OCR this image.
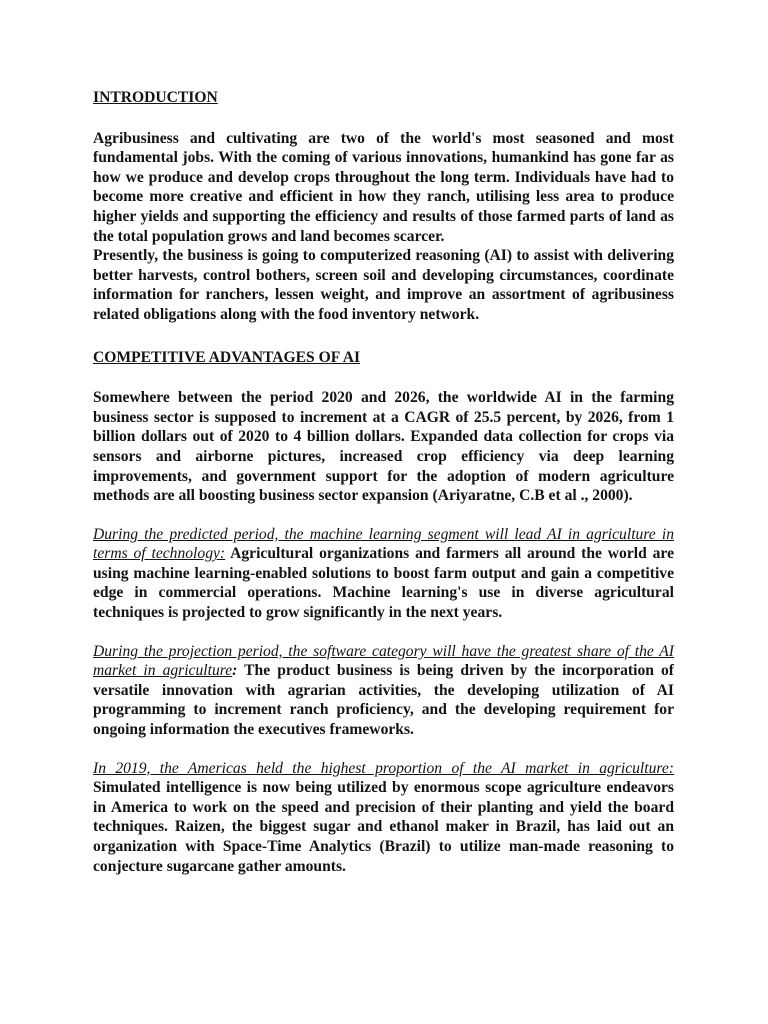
INTRODUCTION

Agribusiness and cultivating are two of the world's most seasoned and most fundamental jobs. With the coming of various innovations, humankind has gone far as how we produce and develop crops throughout the long term. Individuals have had to become more creative and efficient in how they ranch, utilising less area to produce higher yields and supporting the efficiency and results of those farmed parts of land as the total population grows and land becomes scarcer.

Presently, the business is going to computerized reasoning (AI) to assist with delivering better harvests, control bothers, screen soil and developing circumstances, coordinate information for ranchers, lessen weight, and improve an assortment of agribusiness related obligations along with the food inventory network.

COMPETITIVE ADVANTAGES OF AI

Somewhere between the period 2020 and 2026, the worldwide AI in the farming business sector is supposed to increment at a CAGR of 25.5 percent, by 2026, from 1 billion dollars out of 2020 to 4 billion dollars. Expanded data collection for crops via sensors and airborne pictures, increased crop efficiency via deep learning improvements, and government support for the adoption of modern agriculture methods are all boosting business sector expansion (Ariyaratne, C.B et al ., 2000).

During the predicted period, the machine learning segment will lead AI in agriculture in terms of technology: Agricultural organizations and farmers all around the world are using machine learning-enabled solutions to boost farm output and gain a competitive edge in commercial operations. Machine learning's use in diverse agricultural techniques is projected to grow significantly in the next years.

During the projection period, the software category will have the greatest share of the AI market in agriculture: The product business is being driven by the incorporation of versatile innovation with agrarian activities, the developing utilization of AI programming to increment ranch proficiency, and the developing requirement for ongoing information the executives frameworks.

In 2019, the Americas held the highest proportion of the AI market in agriculture: Simulated intelligence is now being utilized by enormous scope agriculture endeavors in America to work on the speed and precision of their planting and yield the board techniques. Raizen, the biggest sugar and ethanol maker in Brazil, has laid out an organization with Space-Time Analytics (Brazil) to utilize man-made reasoning to conjecture sugarcane gather amounts.
